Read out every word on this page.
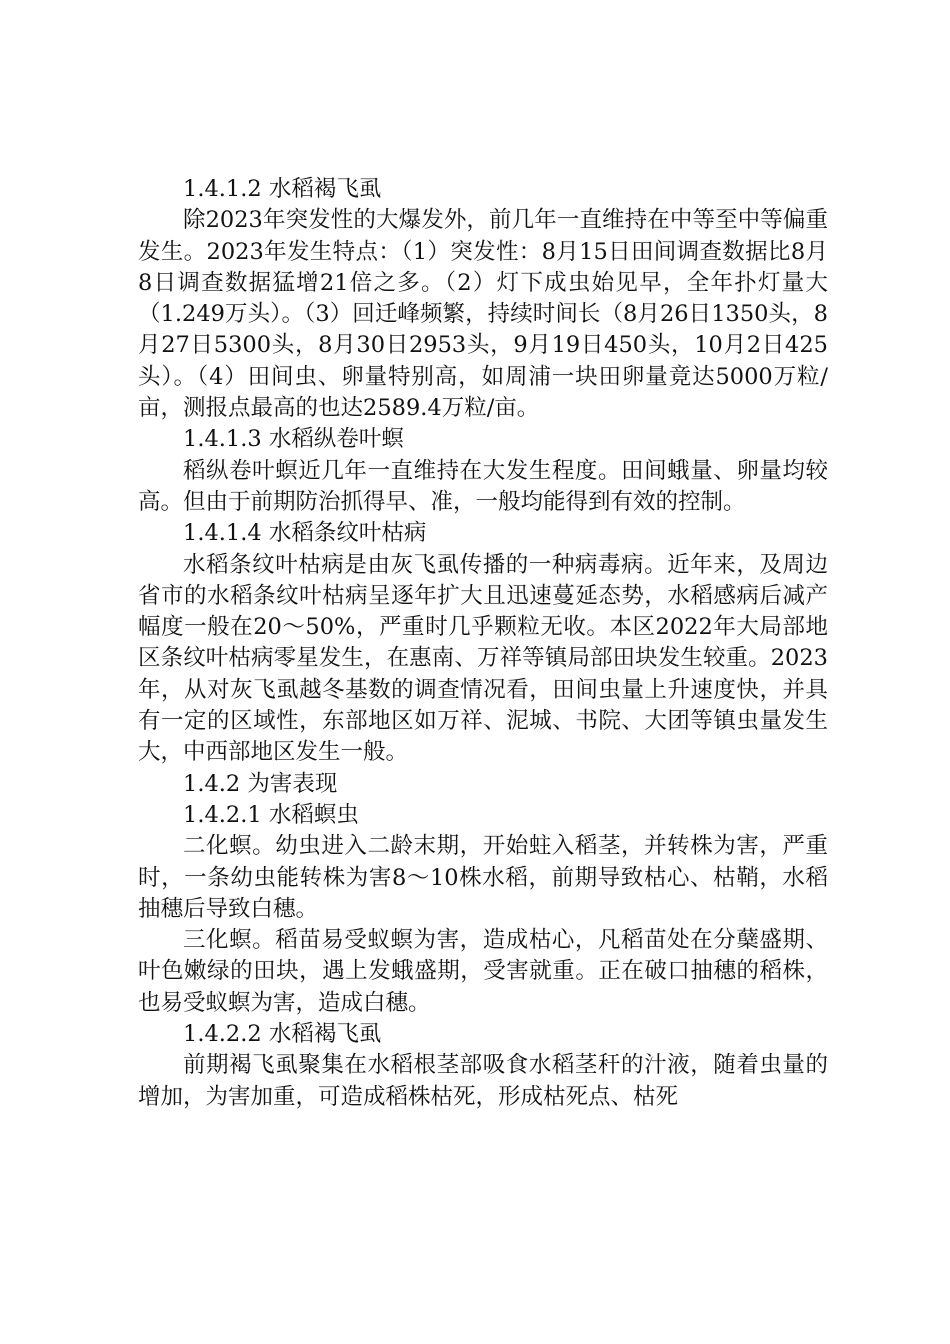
1.4.1.2 水稻褐飞虱

除2023年突发性的大爆发外，前几年一直维持在中等至中等偏重发生。2023年发生特点：（1）突发性：8月15日田间调查数据比8月8日调查数据猛增21倍之多。（2）灯下成虫始见早，全年扑灯量大（1.249万头）。（3）回迁峰频繁，持续时间长（8月26日1350头，8月27日5300头，8月30日2953头，9月19日450头，10月2日425头）。（4）田间虫、卵量特别高，如周浦一块田卵量竟达5000万粒/亩，测报点最高的也达2589.4万粒/亩。

1.4.1.3 水稻纵卷叶螟

稻纵卷叶螟近几年一直维持在大发生程度。田间蛾量、卵量均较高。但由于前期防治抓得早、准，一般均能得到有效的控制。

1.4.1.4 水稻条纹叶枯病

水稻条纹叶枯病是由灰飞虱传播的一种病毒病。近年来，及周边省市的水稻条纹叶枯病呈逐年扩大且迅速蔓延态势，水稻感病后减产幅度一般在20～50%，严重时几乎颗粒无收。本区2022年大局部地区条纹叶枯病零星发生，在惠南、万祥等镇局部田块发生较重。2023年，从对灰飞虱越冬基数的调查情况看，田间虫量上升速度快，并具有一定的区域性，东部地区如万祥、泥城、书院、大团等镇虫量发生大，中西部地区发生一般。

1.4.2 为害表现

1.4.2.1 水稻螟虫

二化螟。幼虫进入二龄末期，开始蛀入稻茎，并转株为害，严重时，一条幼虫能转株为害8～10株水稻，前期导致枯心、枯鞘，水稻抽穗后导致白穗。

三化螟。稻苗易受蚁螟为害，造成枯心，凡稻苗处在分蘖盛期、叶色嫩绿的田块，遇上发蛾盛期，受害就重。正在破口抽穗的稻株，也易受蚁螟为害，造成白穗。

1.4.2.2 水稻褐飞虱

前期褐飞虱聚集在水稻根茎部吸食水稻茎秆的汁液，随着虫量的增加，为害加重，可造成稻株枯死，形成枯死点、枯死
